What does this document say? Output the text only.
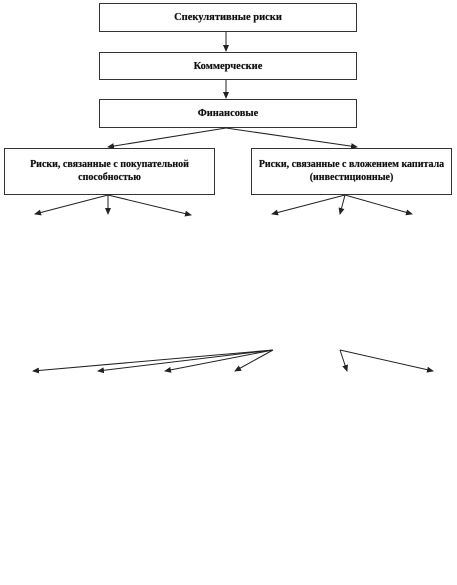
Спекулятивные риски
Коммерческие
Финансовые
Риски, связанные с покупательной способностью
Риски, связанные с вложением капитала (инвестиционные)
